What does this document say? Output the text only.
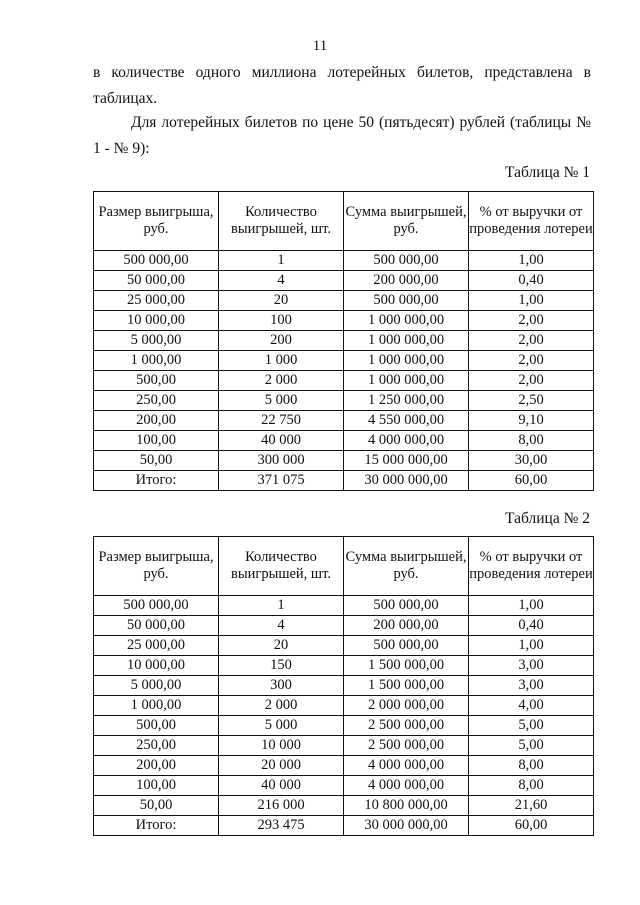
11
в количестве одного миллиона лотерейных билетов, представлена в таблицах.
Для лотерейных билетов по цене 50 (пятьдесят) рублей (таблицы № 1 - № 9):
Таблица № 1
Размер выигрыша, руб.	Количество выигрышей, шт.	Сумма выигрышей, руб.	% от выручки от проведения лотереи
500 000,00	1	500 000,00	1,00
50 000,00	4	200 000,00	0,40
25 000,00	20	500 000,00	1,00
10 000,00	100	1 000 000,00	2,00
5 000,00	200	1 000 000,00	2,00
1 000,00	1 000	1 000 000,00	2,00
500,00	2 000	1 000 000,00	2,00
250,00	5 000	1 250 000,00	2,50
200,00	22 750	4 550 000,00	9,10
100,00	40 000	4 000 000,00	8,00
50,00	300 000	15 000 000,00	30,00
Итого:	371 075	30 000 000,00	60,00
Таблица № 2
Размер выигрыша, руб.	Количество выигрышей, шт.	Сумма выигрышей, руб.	% от выручки от проведения лотереи
500 000,00	1	500 000,00	1,00
50 000,00	4	200 000,00	0,40
25 000,00	20	500 000,00	1,00
10 000,00	150	1 500 000,00	3,00
5 000,00	300	1 500 000,00	3,00
1 000,00	2 000	2 000 000,00	4,00
500,00	5 000	2 500 000,00	5,00
250,00	10 000	2 500 000,00	5,00
200,00	20 000	4 000 000,00	8,00
100,00	40 000	4 000 000,00	8,00
50,00	216 000	10 800 000,00	21,60
Итого:	293 475	30 000 000,00	60,00
